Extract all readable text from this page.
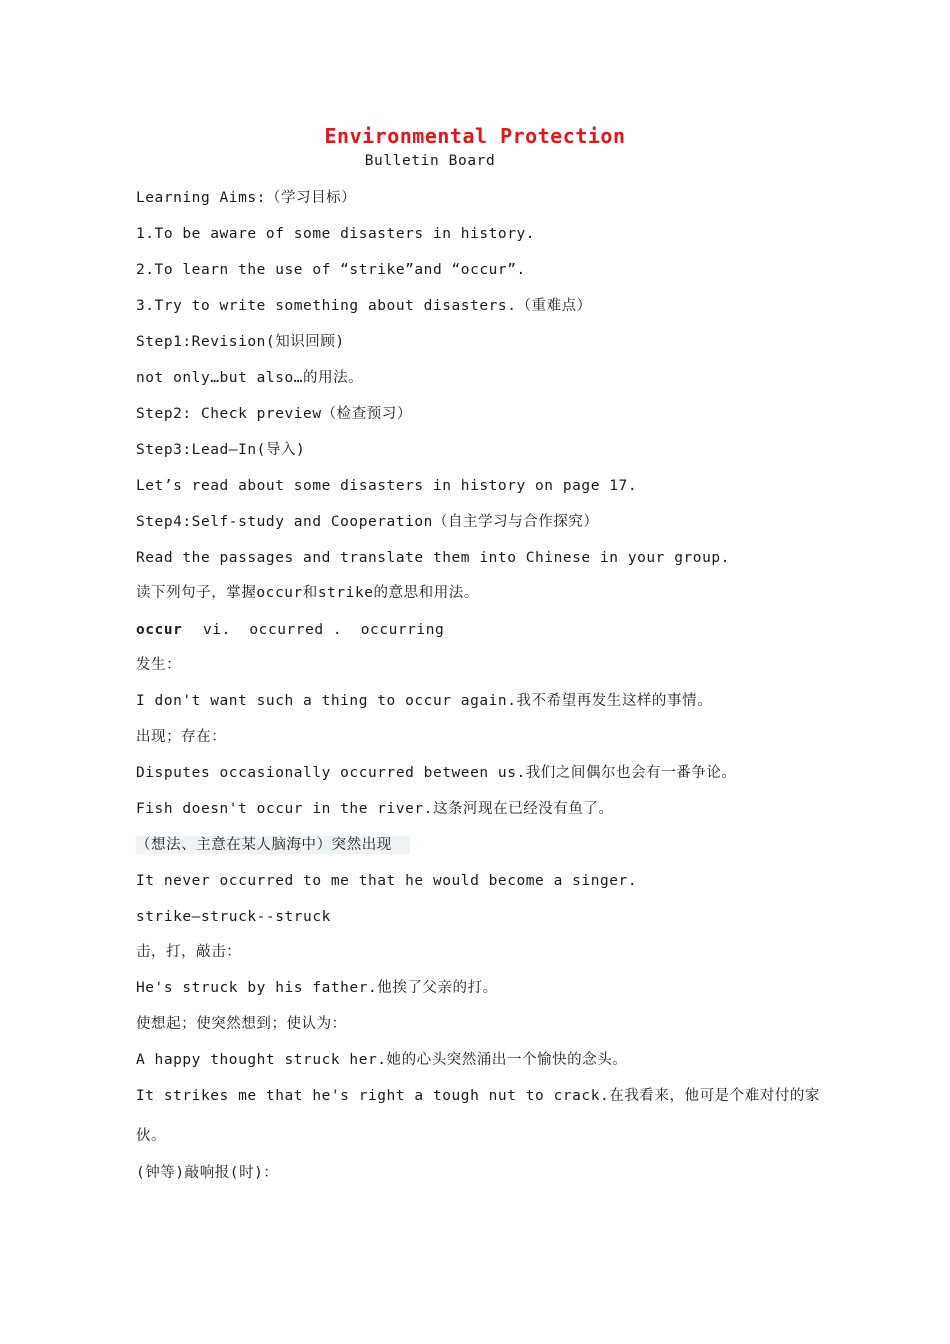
Environmental Protection
Bulletin Board
Learning Aims:（学习目标）
1.To be aware of some disasters in history.
2.To learn the use of “strike”and “occur”.
3.Try to write something about disasters.（重难点）
Step1:Revision(知识回顾)
not only…but also…的用法。
Step2: Check preview（检查预习）
Step3:Lead—In(导入)
Let’s read about some disasters in history on page 17.
Step4:Self-study and Cooperation（自主学习与合作探究）
Read the passages and translate them into Chinese in your group.
读下列句子，掌握occur和strike的意思和用法。
occur vi.  occurred .  occurring
发生：
I don't want such a thing to occur again.我不希望再发生这样的事情。
出现；存在：
Disputes occasionally occurred between us.我们之间偶尔也会有一番争论。
Fish doesn't occur in the river.这条河现在已经没有鱼了。
（想法、主意在某人脑海中）突然出现
It never occurred to me that he would become a singer.
strike—struck--struck
击，打，敲击：
He's struck by his father.他挨了父亲的打。
使想起；使突然想到；使认为：
A happy thought struck her.她的心头突然涌出一个愉快的念头。
It strikes me that he's right a tough nut to crack.在我看来，他可是个难对付的家伙。
(钟等)敲响报(时)：
